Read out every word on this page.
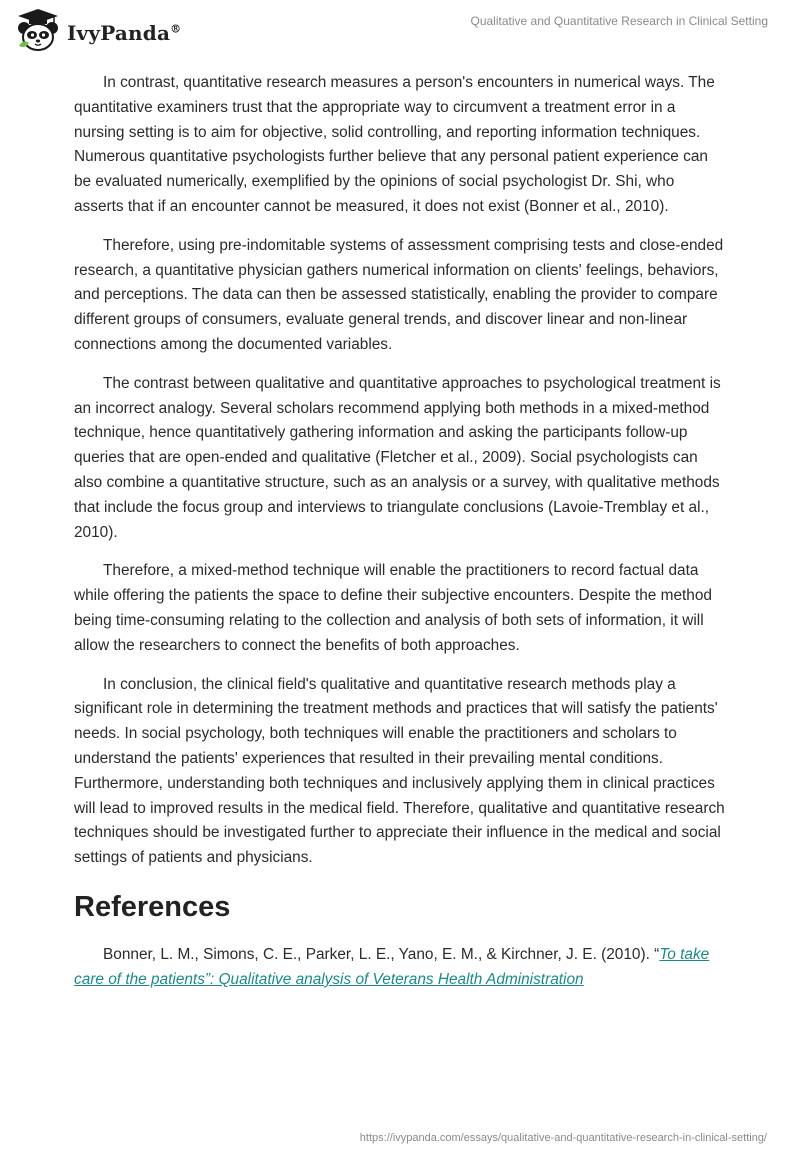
IvyPanda®
Qualitative and Quantitative Research in Clinical Setting

In contrast, quantitative research measures a person's encounters in numerical ways. The quantitative examiners trust that the appropriate way to circumvent a treatment error in a nursing setting is to aim for objective, solid controlling, and reporting information techniques. Numerous quantitative psychologists further believe that any personal patient experience can be evaluated numerically, exemplified by the opinions of social psychologist Dr. Shi, who asserts that if an encounter cannot be measured, it does not exist (Bonner et al., 2010).

Therefore, using pre-indomitable systems of assessment comprising tests and close-ended research, a quantitative physician gathers numerical information on clients' feelings, behaviors, and perceptions. The data can then be assessed statistically, enabling the provider to compare different groups of consumers, evaluate general trends, and discover linear and non-linear connections among the documented variables.

The contrast between qualitative and quantitative approaches to psychological treatment is an incorrect analogy. Several scholars recommend applying both methods in a mixed-method technique, hence quantitatively gathering information and asking the participants follow-up queries that are open-ended and qualitative (Fletcher et al., 2009). Social psychologists can also combine a quantitative structure, such as an analysis or a survey, with qualitative methods that include the focus group and interviews to triangulate conclusions (Lavoie-Tremblay et al., 2010).

Therefore, a mixed-method technique will enable the practitioners to record factual data while offering the patients the space to define their subjective encounters. Despite the method being time-consuming relating to the collection and analysis of both sets of information, it will allow the researchers to connect the benefits of both approaches.

In conclusion, the clinical field's qualitative and quantitative research methods play a significant role in determining the treatment methods and practices that will satisfy the patients' needs. In social psychology, both techniques will enable the practitioners and scholars to understand the patients' experiences that resulted in their prevailing mental conditions. Furthermore, understanding both techniques and inclusively applying them in clinical practices will lead to improved results in the medical field. Therefore, qualitative and quantitative research techniques should be investigated further to appreciate their influence in the medical and social settings of patients and physicians.

References

Bonner, L. M., Simons, C. E., Parker, L. E., Yano, E. M., & Kirchner, J. E. (2010). “To take care of the patients”: Qualitative analysis of Veterans Health Administration

https://ivypanda.com/essays/qualitative-and-quantitative-research-in-clinical-setting/
